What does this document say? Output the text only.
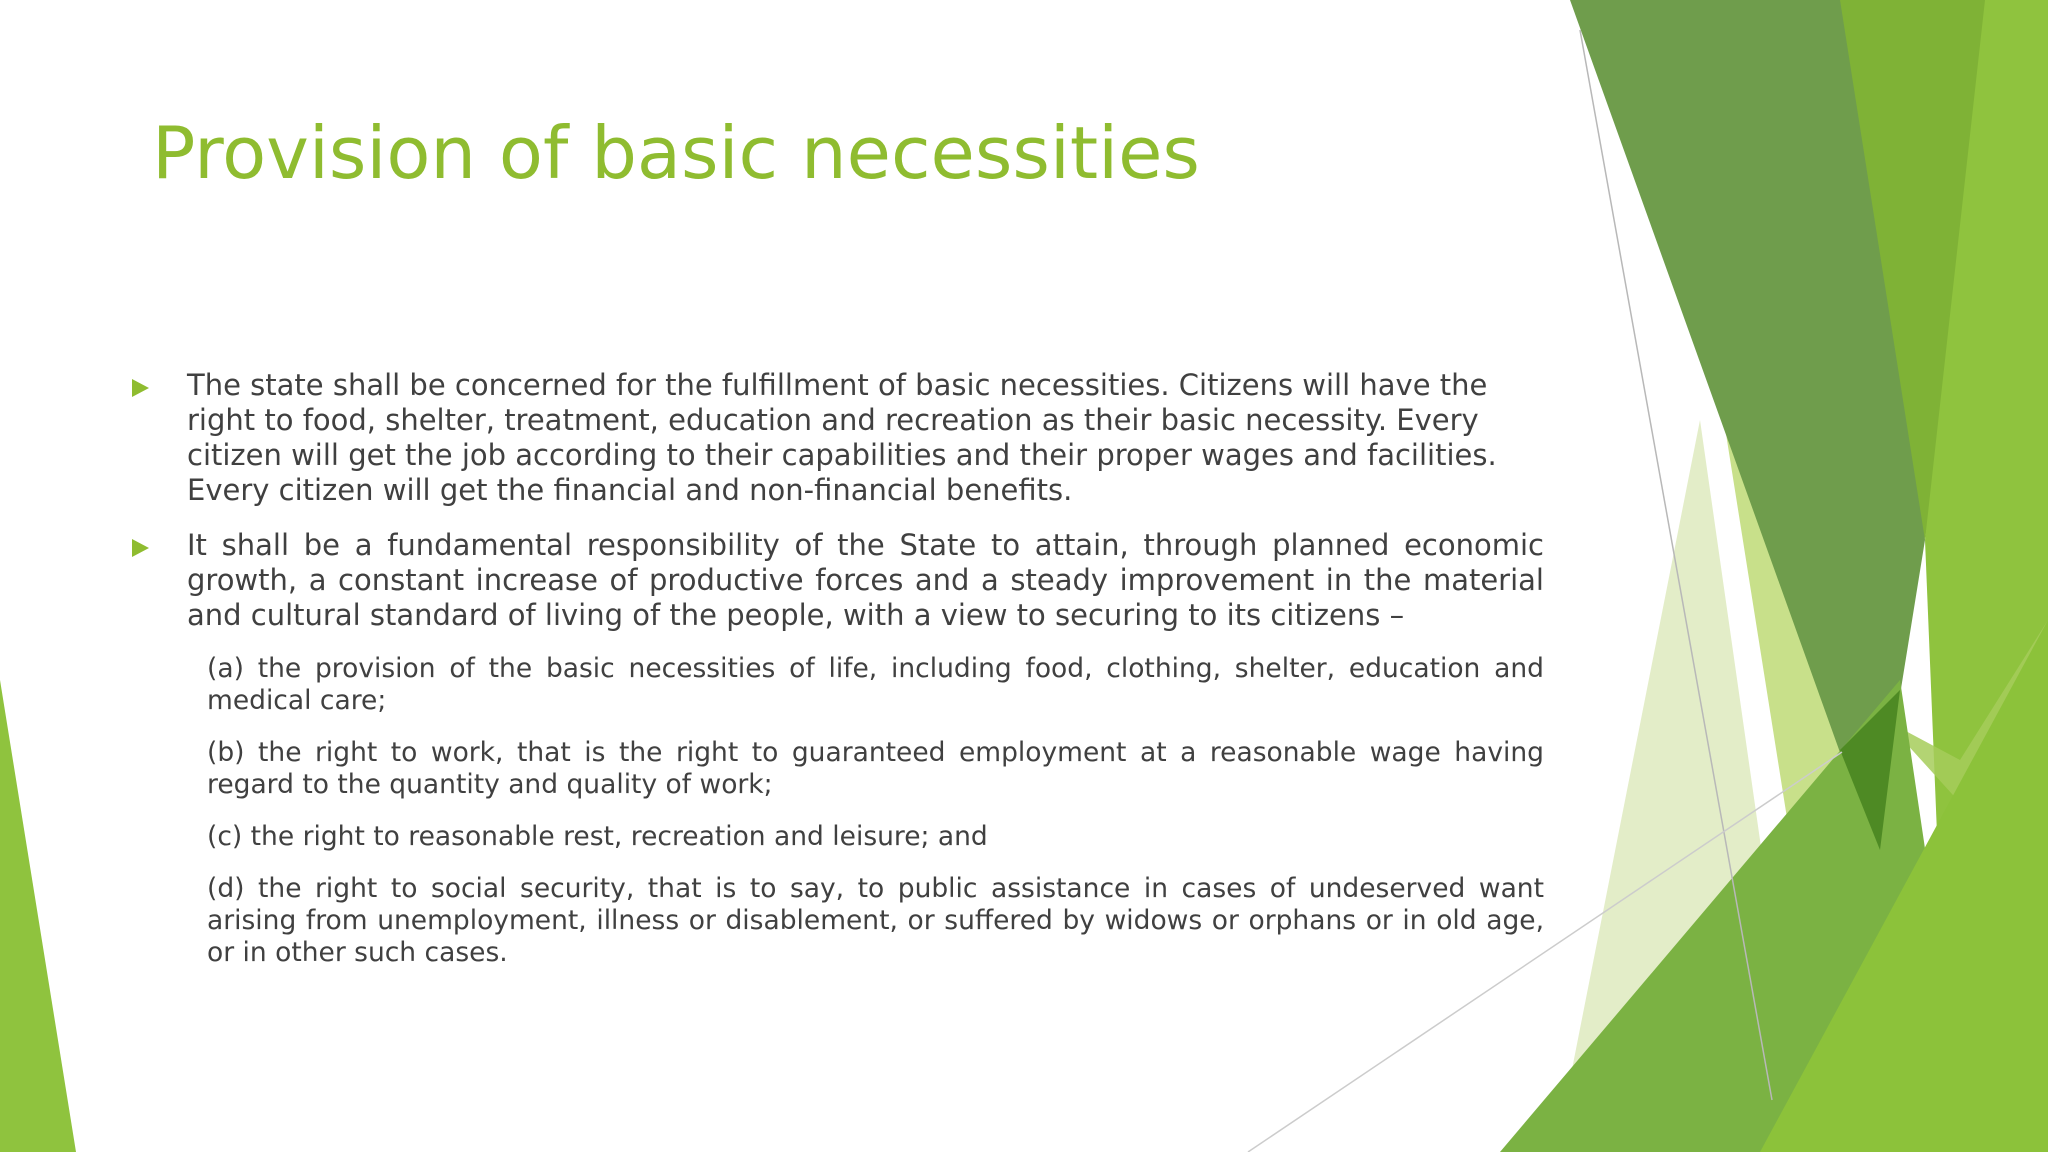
Provision of basic necessities

The state shall be concerned for the fulfillment of basic necessities. Citizens will have the right to food, shelter, treatment, education and recreation as their basic necessity. Every citizen will get the job according to their capabilities and their proper wages and facilities. Every citizen will get the financial and non-financial benefits.

It shall be a fundamental responsibility of the State to attain, through planned economic growth, a constant increase of productive forces and a steady improvement in the material and cultural standard of living of the people, with a view to securing to its citizens –

(a) the provision of the basic necessities of life, including food, clothing, shelter, education and medical care;

(b) the right to work, that is the right to guaranteed employment at a reasonable wage having regard to the quantity and quality of work;

(c) the right to reasonable rest, recreation and leisure; and

(d) the right to social security, that is to say, to public assistance in cases of undeserved want arising from unemployment, illness or disablement, or suffered by widows or orphans or in old age, or in other such cases.
